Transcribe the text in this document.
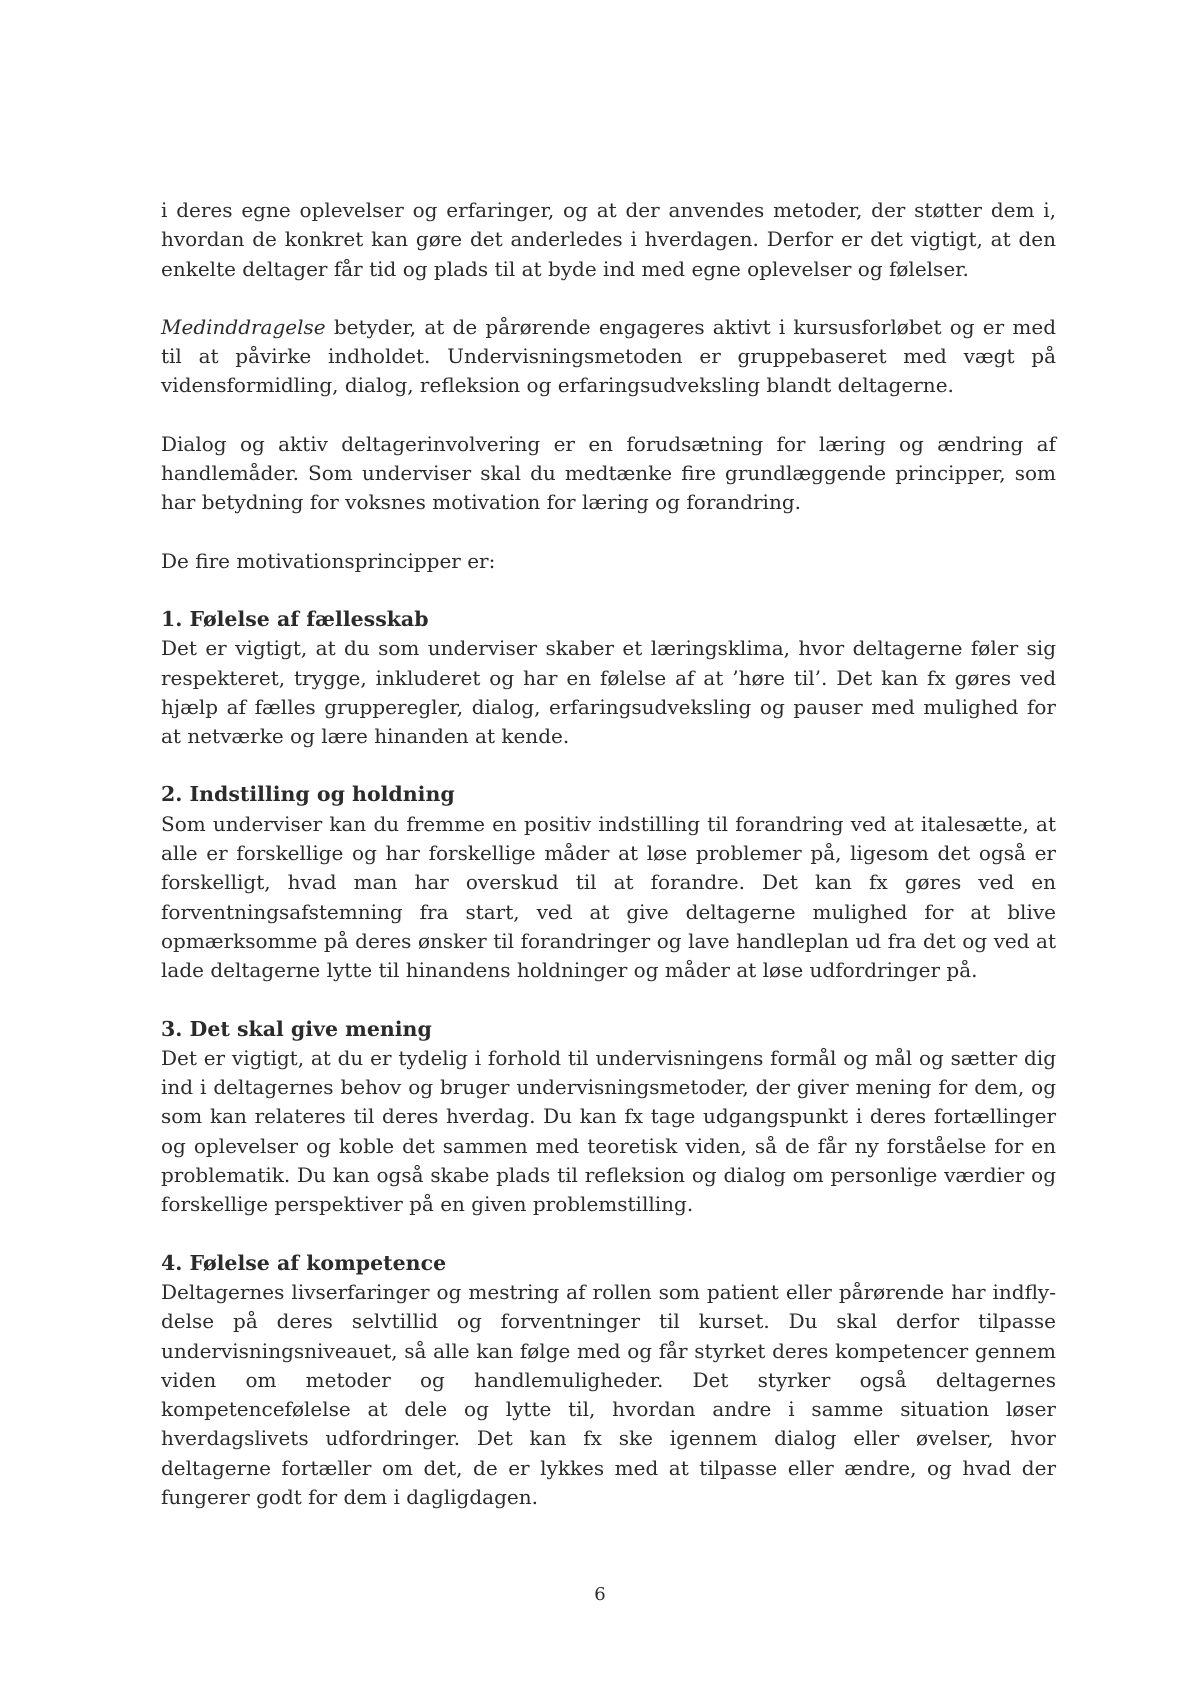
i deres egne oplevelser og erfaringer, og at der anvendes metoder, der støtter dem i, hvordan de konkret kan gøre det anderledes i hverdagen. Derfor er det vigtigt, at den enkelte deltager får tid og plads til at byde ind med egne oplevelser og følelser.

Medinddragelse betyder, at de pårørende engageres aktivt i kursusforløbet og er med til at påvirke indholdet. Undervisningsmetoden er gruppebaseret med vægt på vidensformidling, dialog, refleksion og erfaringsudveksling blandt deltagerne.

Dialog og aktiv deltagerinvolvering er en forudsætning for læring og ændring af handlemåder. Som underviser skal du medtænke fire grundlæggende principper, som har betydning for voksnes motivation for læring og forandring.

De fire motivationsprincipper er:

1. Følelse af fællesskab

Det er vigtigt, at du som underviser skaber et læringsklima, hvor deltagerne føler sig respekteret, trygge, inkluderet og har en følelse af at ’høre til’. Det kan fx gøres ved hjælp af fælles grupperegler, dialog, erfaringsudveksling og pauser med mulighed for at netværke og lære hinanden at kende.

2. Indstilling og holdning

Som underviser kan du fremme en positiv indstilling til forandring ved at italesætte, at alle er forskellige og har forskellige måder at løse problemer på, ligesom det også er forskelligt, hvad man har overskud til at forandre. Det kan fx gøres ved en forventningsafstemning fra start, ved at give deltagerne mulighed for at blive opmærksomme på deres ønsker til forandringer og lave handleplan ud fra det og ved at lade deltagerne lytte til hinandens holdninger og måder at løse udfordringer på.

3. Det skal give mening

Det er vigtigt, at du er tydelig i forhold til undervisningens formål og mål og sætter dig ind i deltagernes behov og bruger undervisningsmetoder, der giver mening for dem, og som kan relateres til deres hverdag. Du kan fx tage udgangspunkt i deres fortællinger og oplevelser og koble det sammen med teoretisk viden, så de får ny forståelse for en problematik. Du kan også skabe plads til refleksion og dialog om personlige værdier og forskellige perspektiver på en given problemstilling.

4. Følelse af kompetence

Deltagernes livserfaringer og mestring af rollen som patient eller pårørende har indflydelse på deres selvtillid og forventninger til kurset. Du skal derfor tilpasse undervisningsniveauet, så alle kan følge med og får styrket deres kompetencer gennem viden om metoder og handlemuligheder. Det styrker også deltagernes kompetencefølelse at dele og lytte til, hvordan andre i samme situation løser hverdagslivets udfordringer. Det kan fx ske igennem dialog eller øvelser, hvor deltagerne fortæller om det, de er lykkes med at tilpasse eller ændre, og hvad der fungerer godt for dem i dagligdagen.

6
